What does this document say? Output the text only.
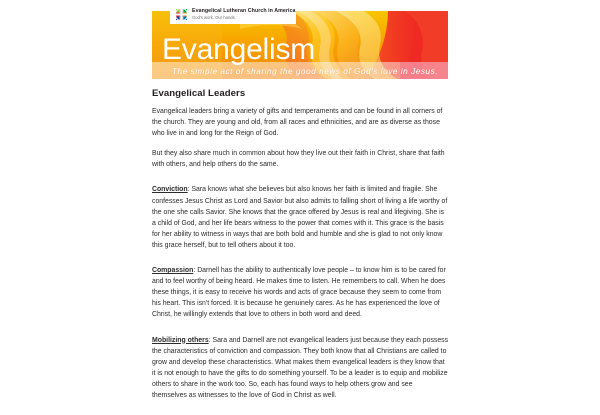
Evangelism
The simple act of sharing the good news of God's love in Jesus.
Evangelical Lutheran Church in America
God's work. Our hands.
Evangelical Leaders
Evangelical leaders bring a variety of gifts and temperaments and can be found in all corners of the church. They are young and old, from all races and ethnicities, and are as diverse as those who live in and long for the Reign of God.
But they also share much in common about how they live out their faith in Christ, share that faith with others, and help others do the same.
Conviction: Sara knows what she believes but also knows her faith is limited and fragile. She confesses Jesus Christ as Lord and Savior but also admits to falling short of living a life worthy of the one she calls Savior. She knows that the grace offered by Jesus is real and lifegiving. She is a child of God, and her life bears witness to the power that comes with it. This grace is the basis for her ability to witness in ways that are both bold and humble and she is glad to not only know this grace herself, but to tell others about it too.
Compassion: Darnell has the ability to authentically love people – to know him is to be cared for and to feel worthy of being heard. He makes time to listen. He remembers to call. When he does these things, it is easy to receive his words and acts of grace because they seem to come from his heart. This isn't forced. It is because he genuinely cares. As he has experienced the love of Christ, he willingly extends that love to others in both word and deed.
Mobilizing others: Sara and Darnell are not evangelical leaders just because they each possess the characteristics of conviction and compassion. They both know that all Christians are called to grow and develop these characteristics. What makes them evangelical leaders is they know that it is not enough to have the gifts to do something yourself. To be a leader is to equip and mobilize others to share in the work too. So, each has found ways to help others grow and see themselves as witnesses to the love of God in Christ as well.
